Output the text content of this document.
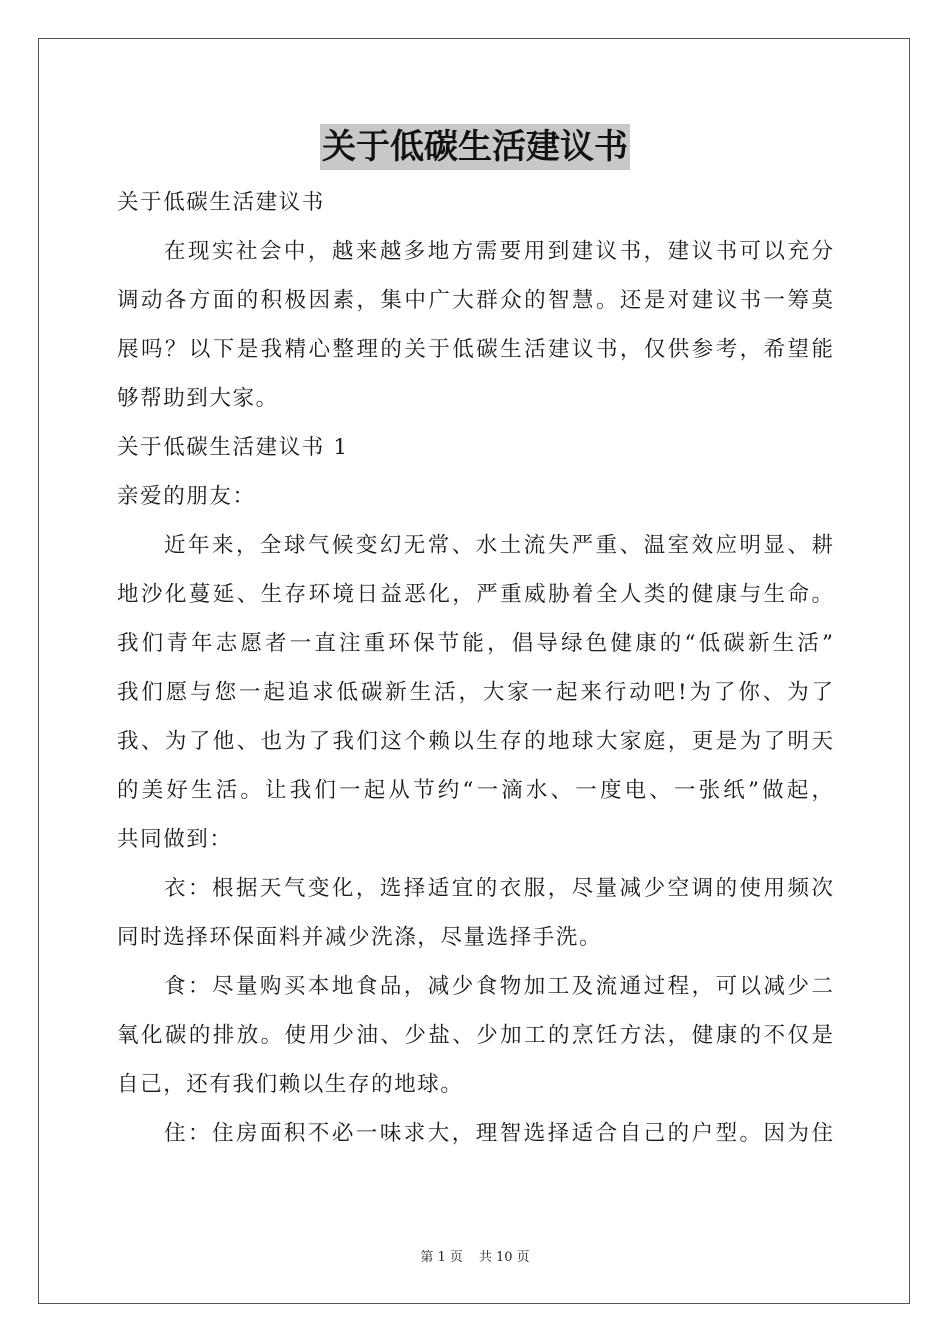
关于低碳生活建议书

关于低碳生活建议书

在现实社会中，越来越多地方需要用到建议书，建议书可以充分

调动各方面的积极因素，集中广大群众的智慧。还是对建议书一筹莫

展吗？以下是我精心整理的关于低碳生活建议书，仅供参考，希望能

够帮助到大家。

关于低碳生活建议书 1

亲爱的朋友：

近年来，全球气候变幻无常、水土流失严重、温室效应明显、耕

地沙化蔓延、生存环境日益恶化，严重威胁着全人类的健康与生命。

我们青年志愿者一直注重环保节能，倡导绿色健康的“低碳新生活”

我们愿与您一起追求低碳新生活，大家一起来行动吧!为了你、为了

我、为了他、也为了我们这个赖以生存的地球大家庭，更是为了明天

的美好生活。让我们一起从节约“一滴水、一度电、一张纸”做起，

共同做到：

衣：根据天气变化，选择适宜的衣服，尽量减少空调的使用频次

同时选择环保面料并减少洗涤，尽量选择手洗。

食：尽量购买本地食品，减少食物加工及流通过程，可以减少二

氧化碳的排放。使用少油、少盐、少加工的烹饪方法，健康的不仅是

自己，还有我们赖以生存的地球。

住：住房面积不必一味求大，理智选择适合自己的户型。因为住

第 1 页 共 10 页
